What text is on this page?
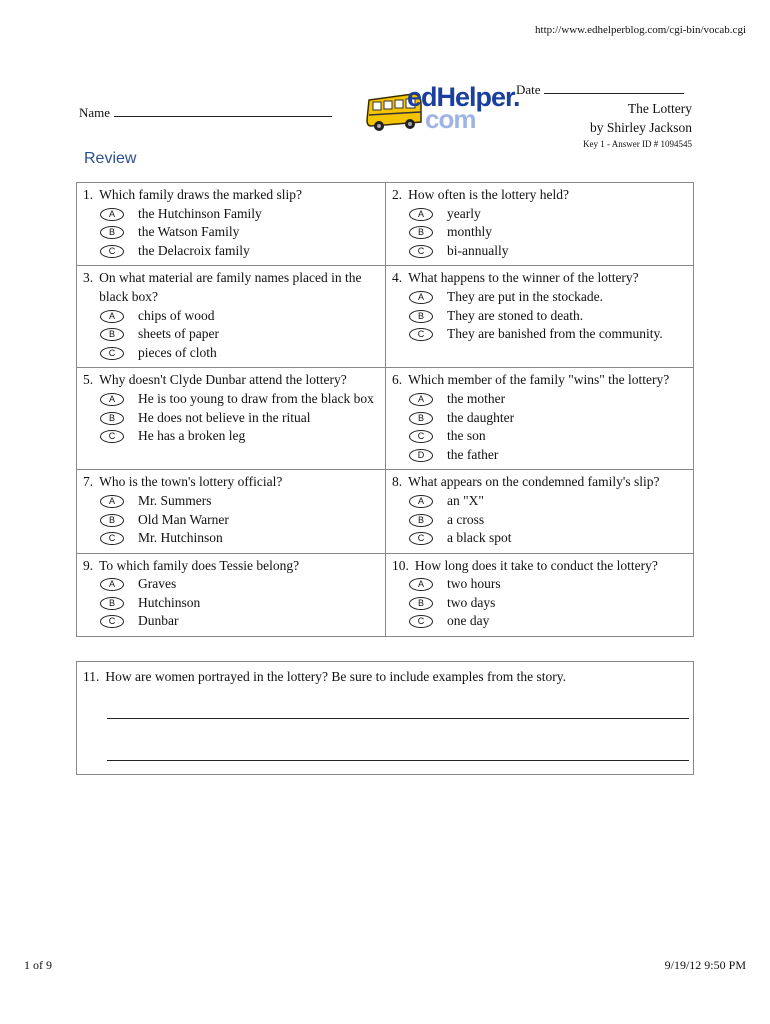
http://www.edhelperblog.com/cgi-bin/vocab.cgi
Name
edHelper.
com
Date
The Lottery
by Shirley Jackson
Key 1 - Answer ID # 1094545
Review
1. Which family draws the marked slip?
A	the Hutchinson Family
B	the Watson Family
C	the Delacroix family
2. How often is the lottery held?
A	yearly
B	monthly
C	bi-annually
3. On what material are family names placed in the black box?
A	chips of wood
B	sheets of paper
C	pieces of cloth
4. What happens to the winner of the lottery?
A	They are put in the stockade.
B	They are stoned to death.
C	They are banished from the community.
5. Why doesn't Clyde Dunbar attend the lottery?
A	He is too young to draw from the black box
B	He does not believe in the ritual
C	He has a broken leg
6. Which member of the family "wins" the lottery?
A	the mother
B	the daughter
C	the son
D	the father
7. Who is the town's lottery official?
A	Mr. Summers
B	Old Man Warner
C	Mr. Hutchinson
8. What appears on the condemned family's slip?
A	an "X"
B	a cross
C	a black spot
9. To which family does Tessie belong?
A	Graves
B	Hutchinson
C	Dunbar
10. How long does it take to conduct the lottery?
A	two hours
B	two days
C	one day
11. How are women portrayed in the lottery? Be sure to include examples from the story.
1 of 9	9/19/12 9:50 PM
